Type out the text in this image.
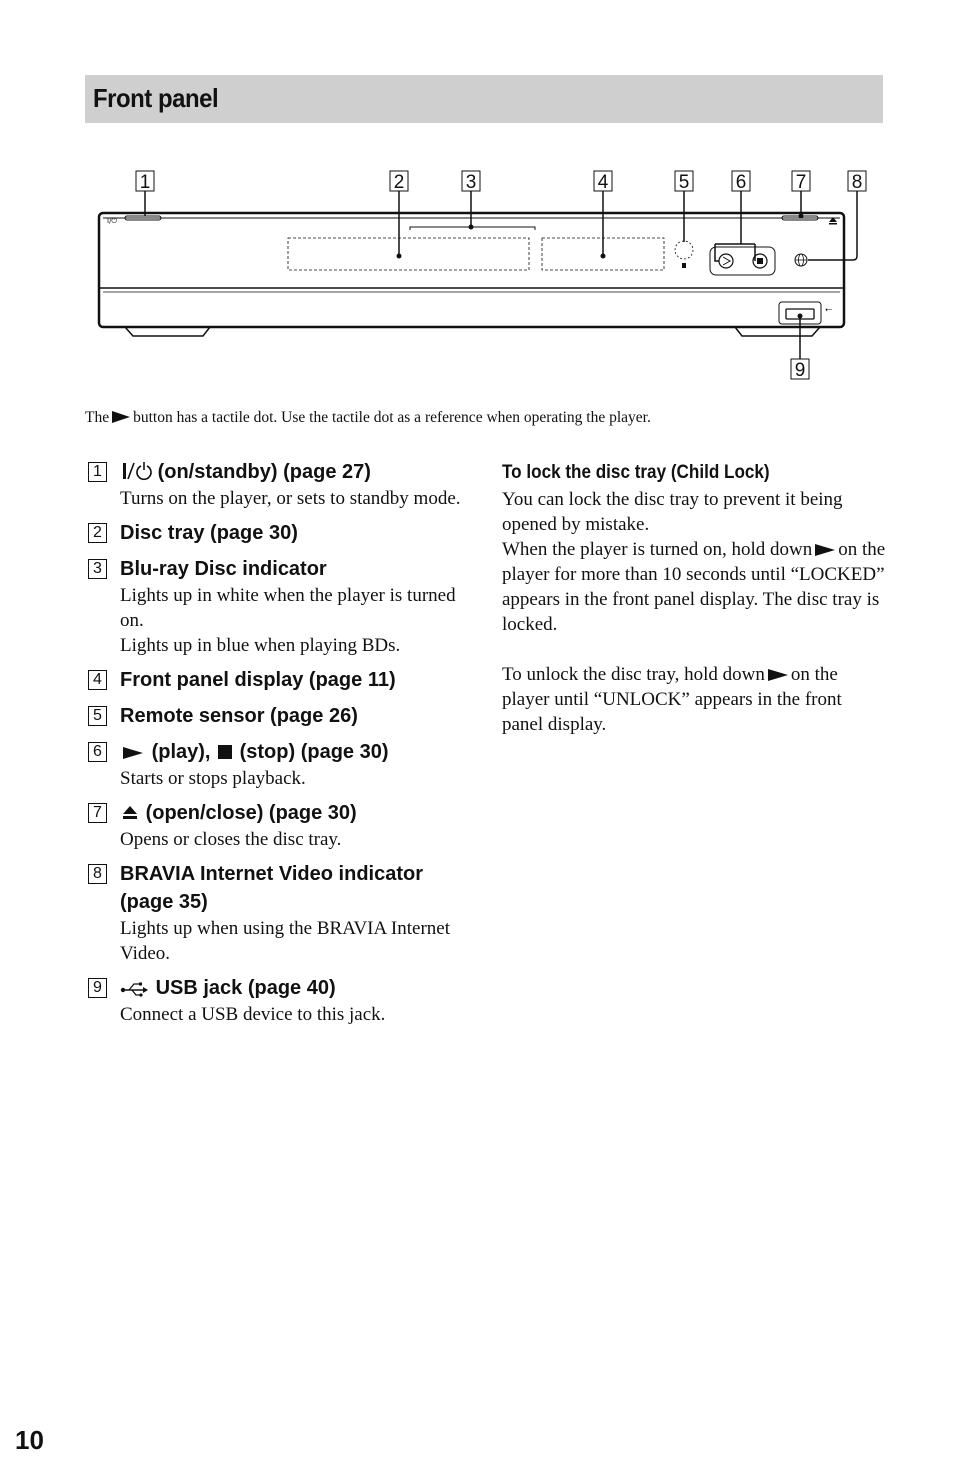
Front panel
1	2	3	4	5 6	7 8
9
I/⏻
⭠
The button has a tactile dot. Use the tactile dot as a reference when operating the player.
1	(on/standby) (page 27)
Turns on the player, or sets to standby mode.
2 Disc tray (page 30)
3 Blu-ray Disc indicator
Lights up in white when the player is turned on.
Lights up in blue when playing BDs.
4 Front panel display (page 11)
5 Remote sensor (page 26)
6	(play), (stop) (page 30)
Starts or stops playback.
7	(open/close) (page 30)
Opens or closes the disc tray.
8 BRAVIA Internet Video indicator (page 35)
Lights up when using the BRAVIA Internet Video.
9	USB jack (page 40)
Connect a USB device to this jack.
To lock the disc tray (Child Lock)
You can lock the disc tray to prevent it being opened by mistake.
When the player is turned on, hold down on the player for more than 10 seconds until “LOCKED” appears in the front panel display. The disc tray is locked.
To unlock the disc tray, hold down on the player until “UNLOCK” appears in the front panel display.
10
